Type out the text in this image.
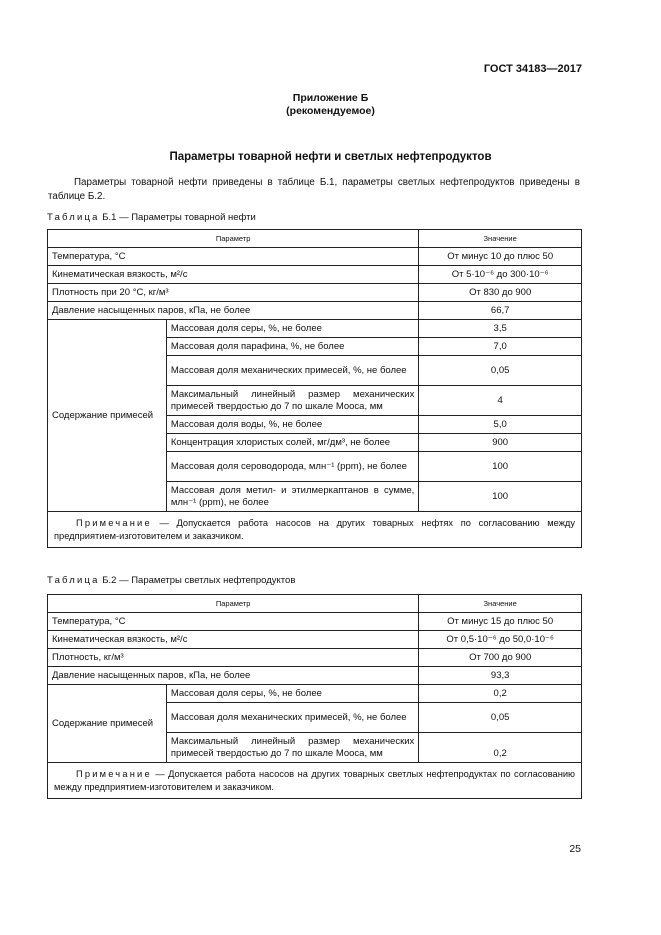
ГОСТ 34183—2017
Приложение Б
(рекомендуемое)
Параметры товарной нефти и светлых нефтепродуктов
Параметры товарной нефти приведены в таблице Б.1, параметры светлых нефтепродуктов приведены в таблице Б.2.
Таблица Б.1 — Параметры товарной нефти
Параметр		Значение
Температура, °C		От минус 10 до плюс 50
Кинематическая вязкость, м²/с		От 5·10⁻⁶ до 300·10⁻⁶
Плотность при 20 °C, кг/м³		От 830 до 900
Давление насыщенных паров, кПа, не более		66,7
Содержание примесей	Массовая доля серы, %, не более	3,5
	Массовая доля парафина, %, не более	7,0
	Массовая доля механических примесей, %, не более	0,05
	Максимальный линейный размер механических примесей твердостью до 7 по шкале Мооса, мм	4
	Массовая доля воды, %, не более	5,0
	Концентрация хлористых солей, мг/дм³, не более	900
	Массовая доля сероводорода, млн⁻¹ (ppm), не более	100
	Массовая доля метил- и этилмеркаптанов в сумме, млн⁻¹ (ppm), не более	100
Примечание — Допускается работа насосов на других товарных нефтях по согласованию между предприятием-изготовителем и заказчиком.		
Таблица Б.2 — Параметры светлых нефтепродуктов
Параметр		Значение
Температура, °C		От минус 15 до плюс 50
Кинематическая вязкость, м²/с		От 0,5·10⁻⁶ до 50,0·10⁻⁶
Плотность, кг/м³		От 700 до 900
Давление насыщенных паров, кПа, не более		93,3
Содержание примесей	Массовая доля серы, %, не более	0,2
	Массовая доля механических примесей, %, не более	0,05
	Максимальный линейный размер механических примесей твердостью до 7 по шкале Мооса, мм	0,2
Примечание — Допускается работа насосов на других товарных светлых нефтепродуктах по согласованию между предприятием-изготовителем и заказчиком.		
25
